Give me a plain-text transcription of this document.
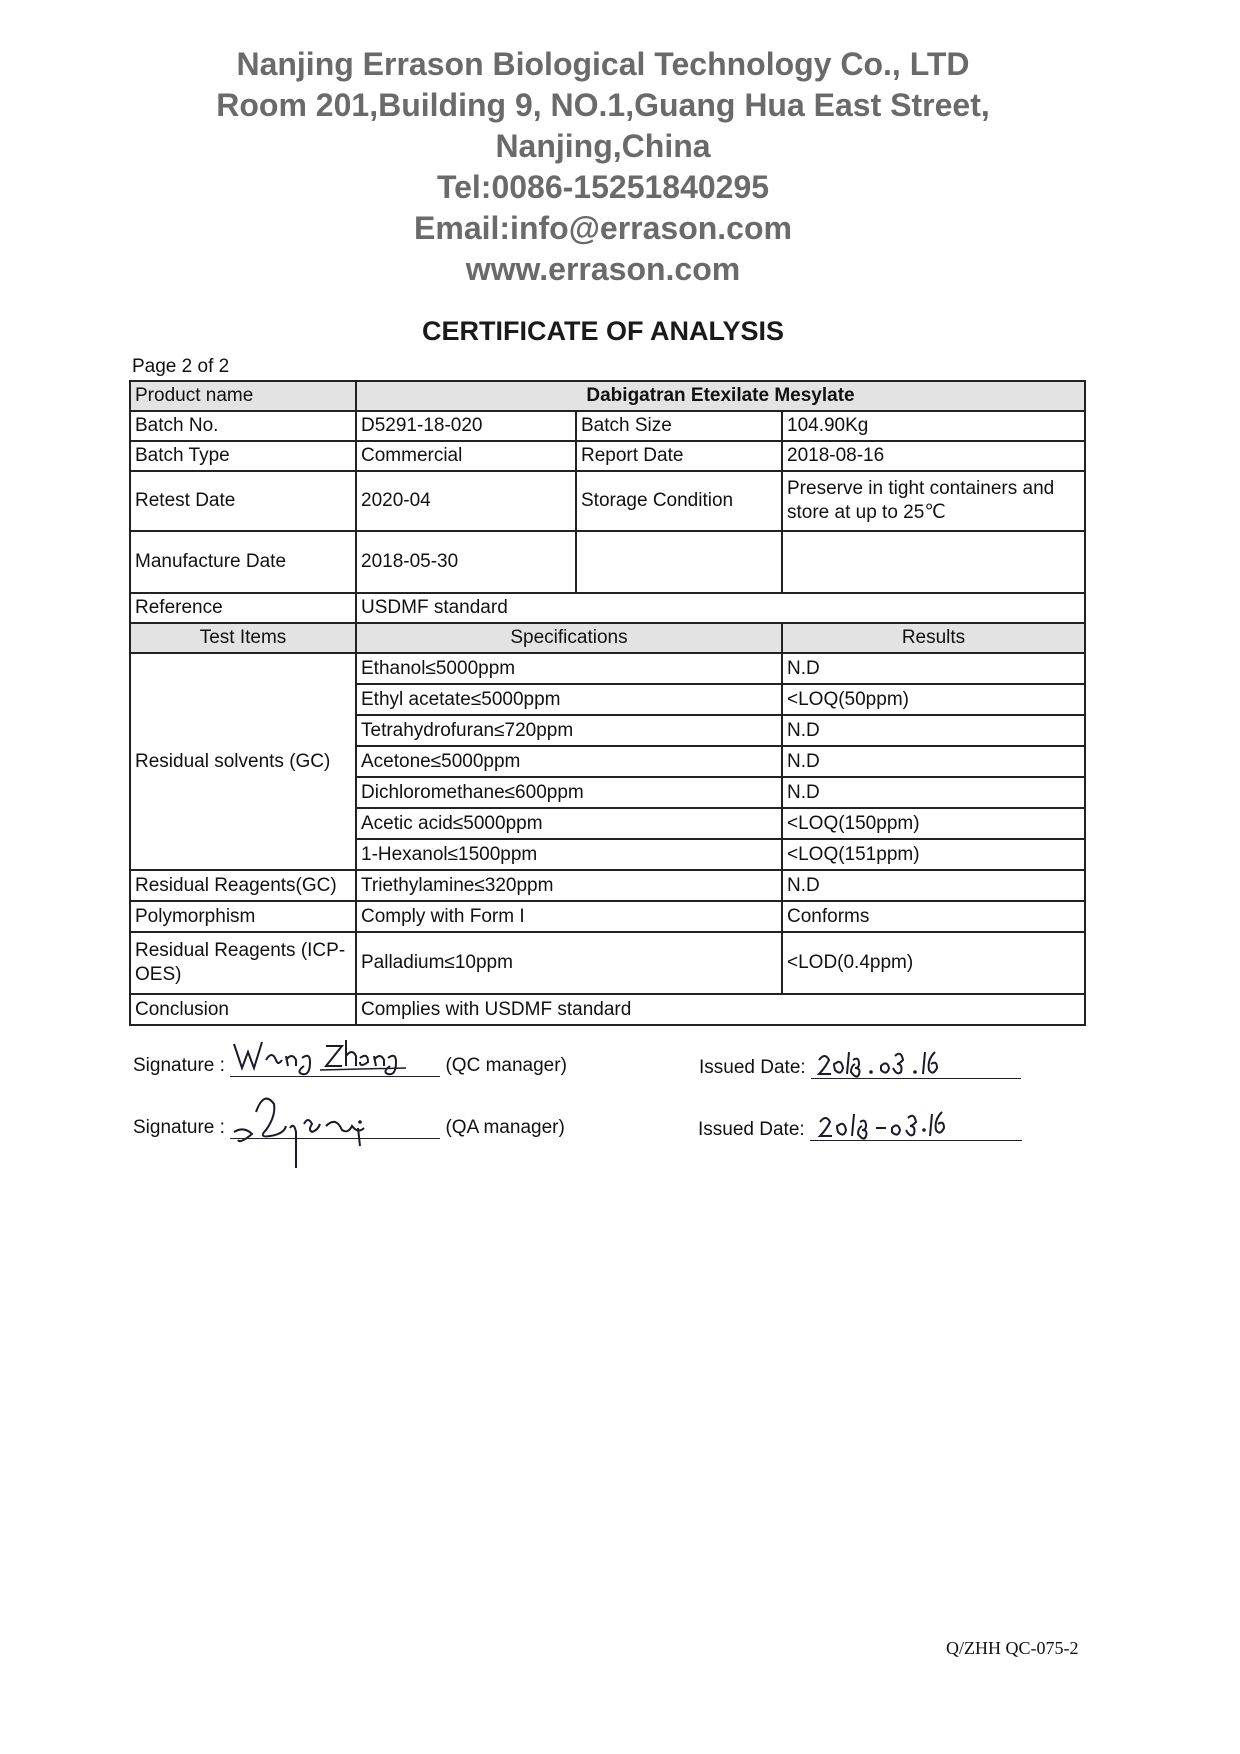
Nanjing Errason Biological Technology Co., LTD
Room 201,Building 9, NO.1,Guang Hua East Street,
Nanjing,China
Tel:0086-15251840295
Email:info@errason.com
www.errason.com
CERTIFICATE OF ANALYSIS
Page 2 of 2
Product name	Dabigatran Etexilate Mesylate		
Batch No.	D5291-18-020	Batch Size	104.90Kg
Batch Type	Commercial	Report Date	2018-08-16
Retest Date	2020-04	Storage Condition	Preserve in tight containers and store at up to 25℃
Manufacture Date	2018-05-30		
Reference	USDMF standard		
Test Items	Specifications		Results
Residual solvents (GC)	Ethanol≤5000ppm		N.D
	Ethyl acetate≤5000ppm		<LOQ(50ppm)
	Tetrahydrofuran≤720ppm		N.D
	Acetone≤5000ppm		N.D
	Dichloromethane≤600ppm		N.D
	Acetic acid≤5000ppm		<LOQ(150ppm)
	1-Hexanol≤1500ppm		<LOQ(151ppm)
Residual Reagents(GC)	Triethylamine≤320ppm		N.D
Polymorphism	Comply with Form I		Conforms
Residual Reagents (ICP-OES)	Palladium≤10ppm		<LOD(0.4ppm)
Conclusion	Complies with USDMF standard		
Signature :	(QC manager)	Issued Date:
Signature :	(QA manager)	Issued Date:
Q/ZHH QC-075-2
